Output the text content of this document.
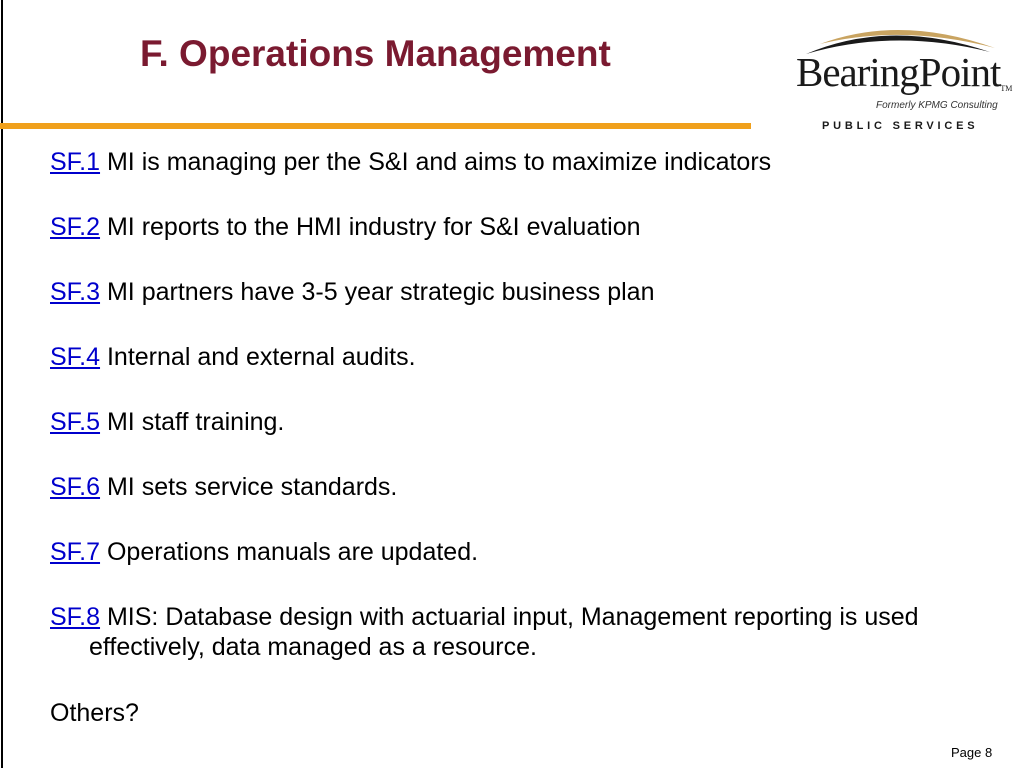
F. Operations Management	BearingPointTM
Formerly KPMG Consulting
PUBLIC SERVICES
SF.1 MI is managing per the S&I and aims to maximize indicators
SF.2 MI reports to the HMI industry for S&I evaluation
SF.3 MI partners have 3-5 year strategic business plan
SF.4 Internal and external audits.
SF.5 MI staff training.
SF.6 MI sets service standards.
SF.7 Operations manuals are updated.
SF.8 MIS: Database design with actuarial input, Management reporting is used effectively, data managed as a resource.
Others?
Page 8
